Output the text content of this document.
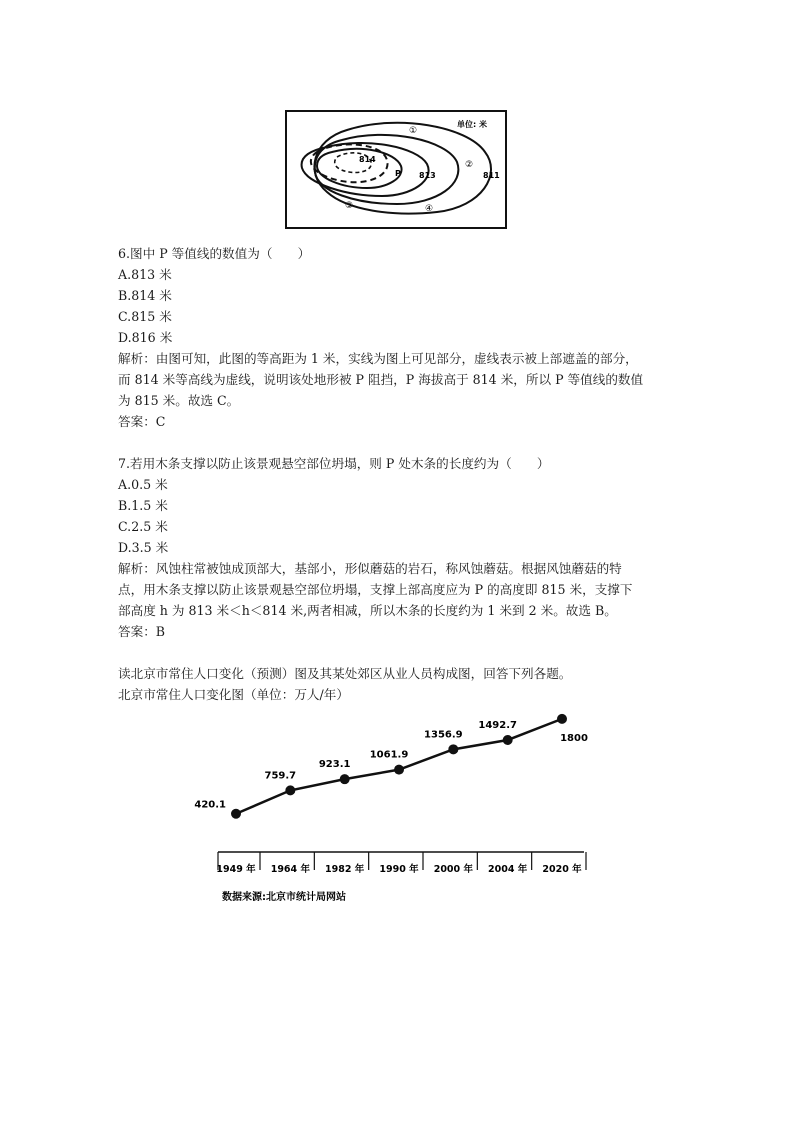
单位: 米
814
P 813	811
①
②
③	④
6.图中 P 等值线的数值为（　　）
A.813 米
B.814 米
C.815 米
D.816 米
解析：由图可知，此图的等高距为 1 米，实线为图上可见部分，虚线表示被上部遮盖的部分，
而 814 米等高线为虚线，说明该处地形被 P 阻挡，P 海拔高于 814 米，所以 P 等值线的数值
为 815 米。故选 C。
答案：C
7.若用木条支撑以防止该景观悬空部位坍塌，则 P 处木条的长度约为（　　）
A.0.5 米
B.1.5 米
C.2.5 米
D.3.5 米
解析：风蚀柱常被蚀成顶部大，基部小，形似蘑菇的岩石，称风蚀蘑菇。根据风蚀蘑菇的特
点，用木条支撑以防止该景观悬空部位坍塌，支撑上部高度应为 P 的高度即 815 米，支撑下
部高度 h 为 813 米＜h＜814 米,两者相减，所以木条的长度约为 1 米到 2 米。故选 B。
答案：B
读北京市常住人口变化（预测）图及其某处郊区从业人员构成图，回答下列各题。
北京市常住人口变化图（单位：万人/年）
420.1
759.7
923.1
1061.9
1356.9
1492.7
1800
1949 年 1964 年 1982 年 1990 年 2000 年 2004 年 2020 年
数据来源:北京市统计局网站
